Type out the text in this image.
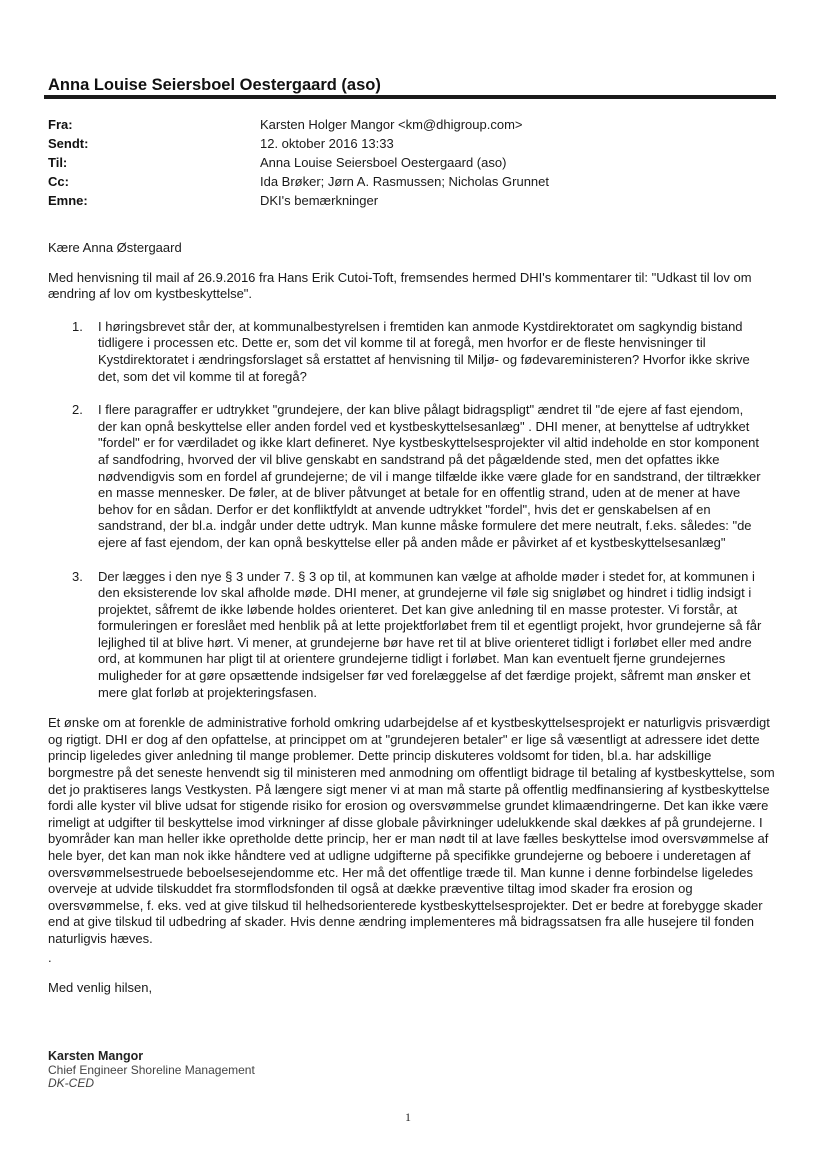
Anna Louise Seiersboel Oestergaard (aso)
Fra:	Karsten Holger Mangor <km@dhigroup.com>
Sendt:	12. oktober 2016 13:33
Til:	Anna Louise Seiersboel Oestergaard (aso)
Cc:	Ida Brøker; Jørn A. Rasmussen; Nicholas Grunnet
Emne:	DKI's bemærkninger

Kære Anna Østergaard

Med henvisning til mail af 26.9.2016 fra Hans Erik Cutoi-Toft, fremsendes hermed DHI's kommentarer til: "Udkast til lov om ændring af lov om kystbeskyttelse".

1.	I høringsbrevet står der, at kommunalbestyrelsen i fremtiden kan anmode Kystdirektoratet om sagkyndig bistand tidligere i processen etc. Dette er, som det vil komme til at foregå, men hvorfor er de fleste henvisninger til Kystdirektoratet i ændringsforslaget så erstattet af henvisning til Miljø- og fødevareministeren? Hvorfor ikke skrive det, som det vil komme til at foregå?
2.	I flere paragraffer er udtrykket "grundejere, der kan blive pålagt bidragspligt" ændret til "de ejere af fast ejendom, der kan opnå beskyttelse eller anden fordel ved et kystbeskyttelsesanlæg" . DHI mener, at benyttelse af udtrykket "fordel" er for værdiladet og ikke klart defineret. Nye kystbeskyttelsesprojekter vil altid indeholde en stor komponent af sandfodring, hvorved der vil blive genskabt en sandstrand på det pågældende sted, men det opfattes ikke nødvendigvis som en fordel af grundejerne; de vil i mange tilfælde ikke være glade for en sandstrand, der tiltrækker en masse mennesker. De føler, at de bliver påtvunget at betale for en offentlig strand, uden at de mener at have behov for en sådan. Derfor er det konfliktfyldt at anvende udtrykket "fordel", hvis det er genskabelsen af en sandstrand, der bl.a. indgår under dette udtryk. Man kunne måske formulere det mere neutralt, f.eks. således: "de ejere af fast ejendom, der kan opnå beskyttelse eller på anden måde er påvirket af et kystbeskyttelsesanlæg"
3.	Der lægges i den nye § 3 under 7. § 3 op til, at kommunen kan vælge at afholde møder i stedet for, at kommunen i den eksisterende lov skal afholde møde. DHI mener, at grundejerne vil føle sig snigløbet og hindret i tidlig indsigt i projektet, såfremt de ikke løbende holdes orienteret. Det kan give anledning til en masse protester. Vi forstår, at formuleringen er foreslået med henblik på at lette projektforløbet frem til et egentligt projekt, hvor grundejerne så får lejlighed til at blive hørt. Vi mener, at grundejerne bør have ret til at blive orienteret tidligt i forløbet eller med andre ord, at kommunen har pligt til at orientere grundejerne tidligt i forløbet. Man kan eventuelt fjerne grundejernes muligheder for at gøre opsættende indsigelser før ved forelæggelse af det færdige projekt, såfremt man ønsker et mere glat forløb at projekteringsfasen.

Et ønske om at forenkle de administrative forhold omkring udarbejdelse af et kystbeskyttelsesprojekt er naturligvis prisværdigt og rigtigt. DHI er dog af den opfattelse, at princippet om at "grundejeren betaler" er lige så væsentligt at adressere idet dette princip ligeledes giver anledning til mange problemer. Dette princip diskuteres voldsomt for tiden, bl.a. har adskillige borgmestre på det seneste henvendt sig til ministeren med anmodning om offentligt bidrage til betaling af kystbeskyttelse, som det jo praktiseres langs Vestkysten. På længere sigt mener vi at man må starte på offentlig medfinansiering af kystbeskyttelse fordi alle kyster vil blive udsat for stigende risiko for erosion og oversvømmelse grundet klimaændringerne. Det kan ikke være rimeligt at udgifter til beskyttelse imod virkninger af disse globale påvirkninger udelukkende skal dækkes af på grundejerne. I byområder kan man heller ikke opretholde dette princip, her er man nødt til at lave fælles beskyttelse imod oversvømmelse af hele byer, det kan man nok ikke håndtere ved at udligne udgifterne på specifikke grundejerne og beboere i underetagen af oversvømmelsestruede beboelsesejendomme etc. Her må det offentlige træde til. Man kunne i denne forbindelse ligeledes overveje at udvide tilskuddet fra stormflodsfonden til også at dække præventive tiltag imod skader fra erosion og oversvømmelse, f. eks. ved at give tilskud til helhedsorienterede kystbeskyttelsesprojekter. Det er bedre at forebygge skader end at give tilskud til udbedring af skader. Hvis denne ændring implementeres må bidragssatsen fra alle husejere til fonden naturligvis hæves.

.

Med venlig hilsen,

Karsten Mangor
Chief Engineer Shoreline Management
DK-CED
1
